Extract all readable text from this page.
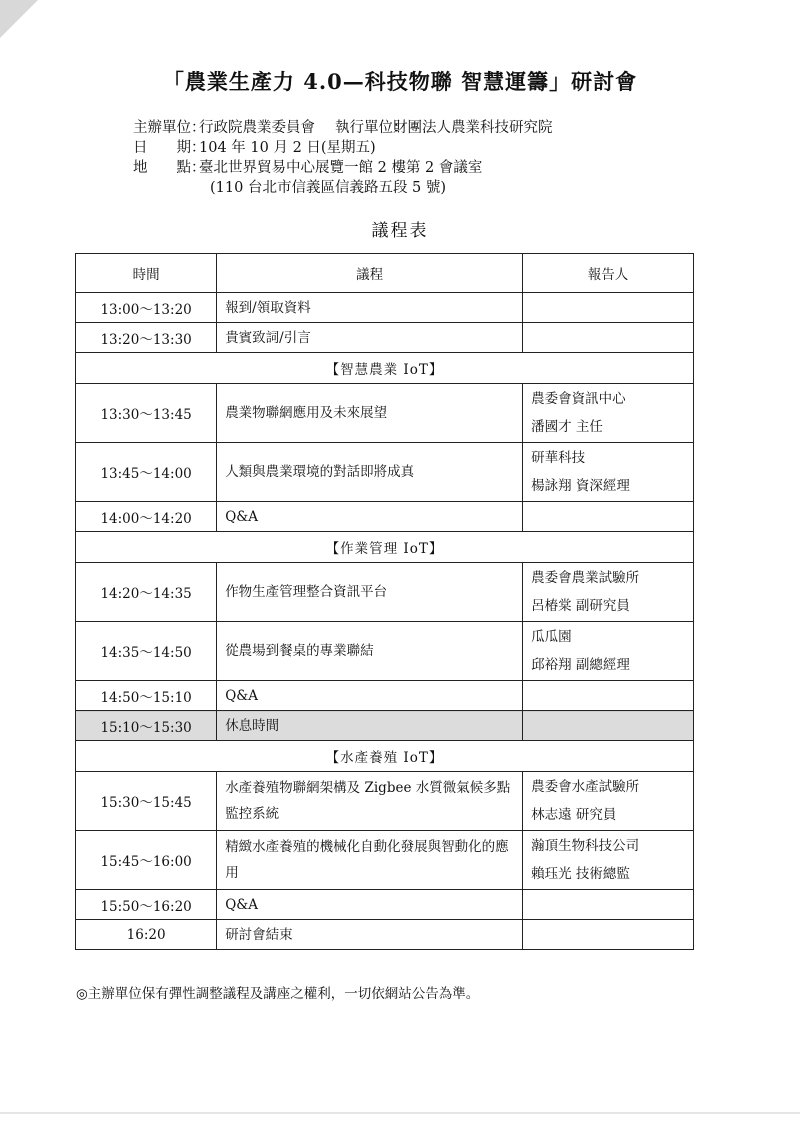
「農業生產力 4.0—科技物聯 智慧運籌」研討會
主辦單位：行政院農業委員會 執行單位：財團法人農業科技研究院
日　　期：104 年 10 月 2 日(星期五)
地　　點：臺北世界貿易中心展覽一館 2 樓第 2 會議室
(110 台北市信義區信義路五段 5 號)
議程表
時間	議程	報告人
13:00～13:20	報到/領取資料	
13:20～13:30	貴賓致詞/引言	
【智慧農業 IoT】		
13:30～13:45	農業物聯網應用及未來展望	農委會資訊中心
潘國才 主任

13:45～14:00	人類與農業環境的對話即將成真	研華科技
楊詠翔 資深經理

14:00～14:20	Q&A	
【作業管理 IoT】		
14:20～14:35	作物生產管理整合資訊平台	農委會農業試驗所
呂椿棠 副研究員

14:35～14:50	從農場到餐桌的專業聯結	瓜瓜園
邱裕翔 副總經理

14:50～15:10	Q&A	
15:10～15:30	休息時間	
【水產養殖 IoT】		
15:30～15:45	水產養殖物聯網架構及 Zigbee 水質微氣候多點監控系統	農委會水產試驗所
林志遠 研究員

15:45～16:00	精緻水產養殖的機械化自動化發展與智動化的應用	瀚頂生物科技公司
賴珏光 技術總監

15:50～16:20	Q&A	
16:20	研討會結束	
◎主辦單位保有彈性調整議程及講座之權利，一切依網站公告為準。
